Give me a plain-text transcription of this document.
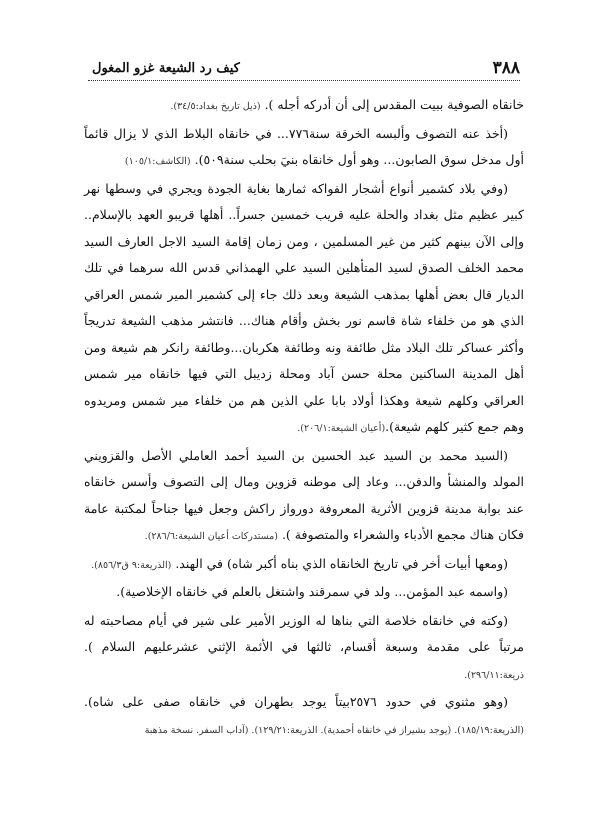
٣٨٨
كيف رد الشيعة غزو المغول

خانقاه الصوفية ببيت المقدس إلى أن أدركه أجله ). (ذيل تاريخ بغداد:٣٤/٥).

(أخذ عنه التصوف وألبسه الخرقة سنة٧٧٦... في خانقاه البلاط الذي لا يزال قائماً أول مدخل سوق الصابون... وهو أول خانقاه بنيَ بحلب سنة٥٠٩). (الكاشف:١٠٥/١)

(وفي بلاد كشمير أنواع أشجار الفواكه ثمارها بغاية الجودة ويجري في وسطها نهر كبير عظيم مثل بغداد والحلة عليه قريب خمسين جسراً.. أهلها قريبو العهد بالإسلام.. وإلى الآن بينهم كثير من غير المسلمين ، ومن زمان إقامة السيد الاجل العارف السيد محمد الخلف الصدق لسيد المتأهلين السيد علي الهمذاني قدس الله سرهما في تلك الديار قال بعض أهلها بمذهب الشيعة وبعد ذلك جاء إلى كشمير المير شمس العراقي الذي هو من خلفاء شاة قاسم نور بخش وأقام هناك... فانتشر مذهب الشيعة تدريجاً وأكثر عساكر تلك البلاد مثل طائفة ونه وطائفة هكربان...وطائفة رانكر هم شيعة ومن أهل المدينة الساكنين محلة حسن آباد ومحلة زديبل التي فيها خانقاه مير شمس العراقي وكلهم شيعة وهكذا أولاد بابا علي الذين هم من خلفاء مير شمس ومريدوه وهم جمع كثير كلهم شيعة).(أعيان الشيعة:٢٠٦/١).

(السيد محمد بن السيد عبد الحسين بن السيد أحمد العاملي الأصل والقزويني المولد والمنشأ والدفن... وعاد إلى موطنه قزوين ومال إلى التصوف وأسس خانقاه عند بوابة مدينة قزوين الأثرية المعروفة دورواز راكش وجعل فيها جناحاً لمكتبة عامة فكان هناك مجمع الأدباء والشعراء والمتصوفة ). (مستدركات أعيان الشيعة:٢٨٦/٦).

(ومعها أبيات أخر في تاريخ الخانقاه الذي بناه أكبر شاه) في الهند. (الذريعة:٩ ق٨٥٦/٣).

(واسمه عبد المؤمن... ولد في سمرقند واشتغل بالعلم في خانقاه الإخلاصية).

(وكته في خانقاه خلاصة التي بناها له الوزير الأمير على شير في أيام مصاحبته له مرتباً على مقدمة وسبعة أقسام، ثالثها في الأئمة الإثني عشرعليهم السلام ). ذريعة:٢٩٦/١١).

(وهو مثنوي في حدود ٢٥٧٦بيتاً يوجد بطهران في خانقاه صفى على شاه).(الذريعة:١٨٥/١٩). (يوجد بشيراز في خانقاه أحمدية). الذريعة:١٢٩/٢١). (آداب السفر. نسخة مذهبة
